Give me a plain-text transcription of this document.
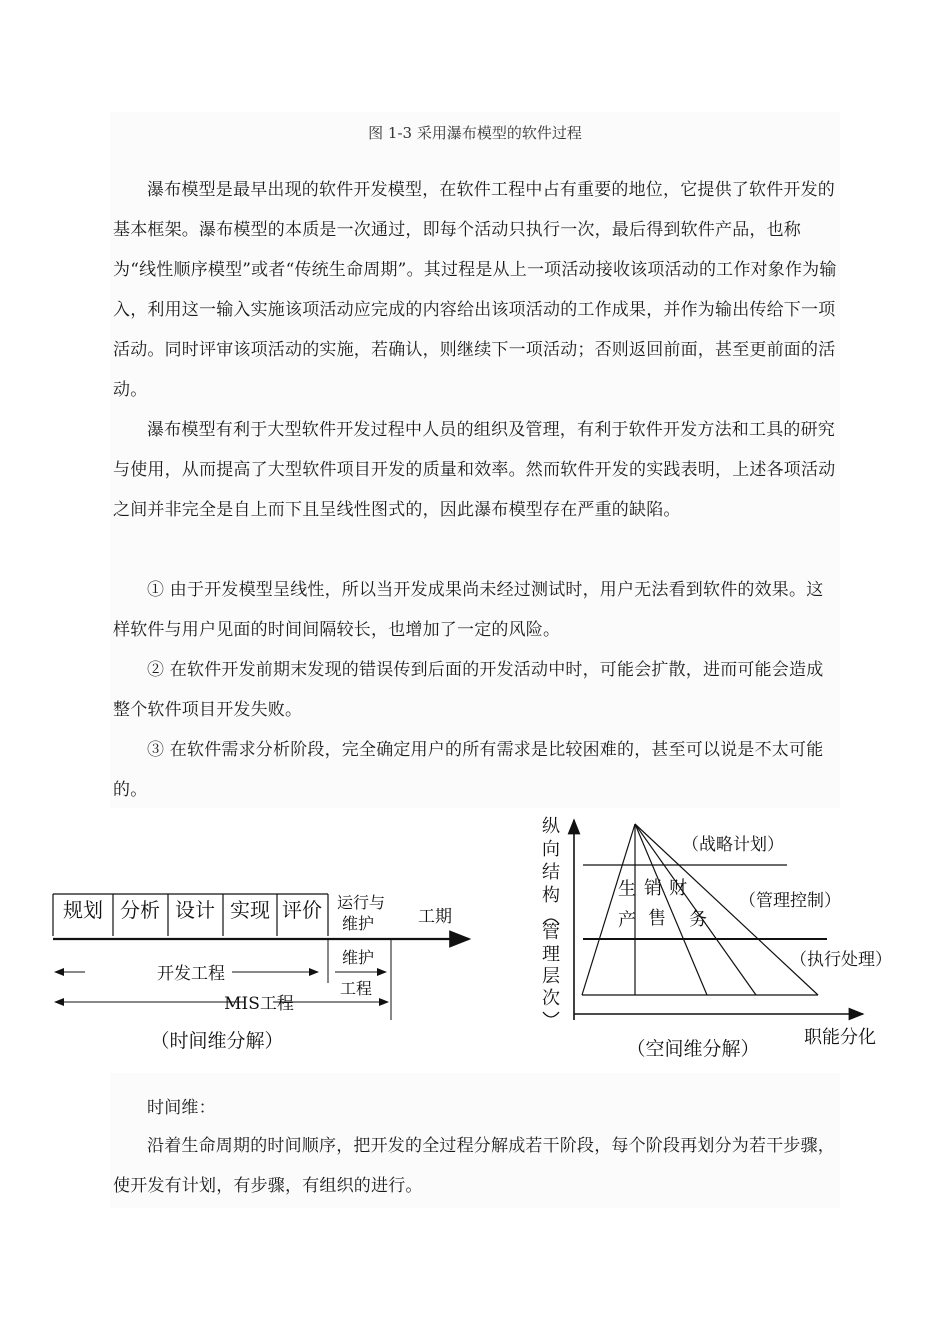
图 1-3 采用瀑布模型的软件过程

瀑布模型是最早出现的软件开发模型，在软件工程中占有重要的地位，它提供了软件开发的基本框架。瀑布模型的本质是一次通过，即每个活动只执行一次，最后得到软件产品，也称为“线性顺序模型”或者“传统生命周期”。其过程是从上一项活动接收该项活动的工作对象作为输入，利用这一输入实施该项活动应完成的内容给出该项活动的工作成果，并作为输出传给下一项活动。同时评审该项活动的实施，若确认，则继续下一项活动；否则返回前面，甚至更前面的活动。

瀑布模型有利于大型软件开发过程中人员的组织及管理，有利于软件开发方法和工具的研究与使用，从而提高了大型软件项目开发的质量和效率。然而软件开发的实践表明，上述各项活动之间并非完全是自上而下且呈线性图式的，因此瀑布模型存在严重的缺陷。

① 由于开发模型呈线性，所以当开发成果尚未经过测试时，用户无法看到软件的效果。这样软件与用户见面的时间间隔较长，也增加了一定的风险。

② 在软件开发前期末发现的错误传到后面的开发活动中时，可能会扩散，进而可能会造成整个软件项目开发失败。

③ 在软件需求分析阶段，完全确定用户的所有需求是比较困难的，甚至可以说是不太可能的。

规划 分析 设计 实现 评价 运行与
维护	工期
开发工程
维护
工程
MIS工程
（时间维分解）
纵
向
结
构
管
理
层
次
（战略计划）
（管理控制）
（执行处理）
生
产
销
售
财
务
职能分化
（空间维分解）

时间维：

沿着生命周期的时间顺序，把开发的全过程分解成若干阶段，每个阶段再划分为若干步骤，使开发有计划，有步骤，有组织的进行。
